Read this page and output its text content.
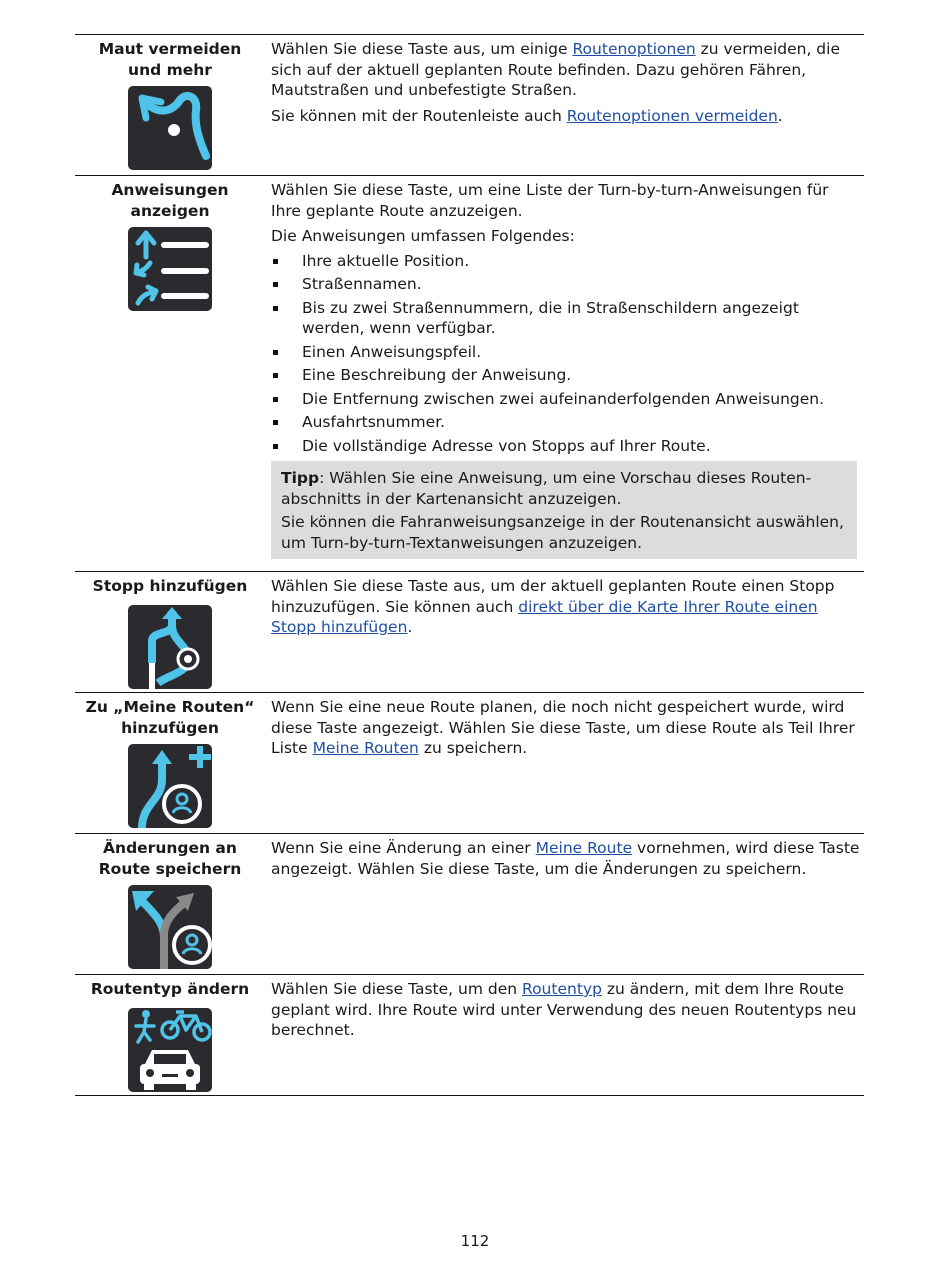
Maut vermeiden und mehr

Wählen Sie diese Taste aus, um einige Routenoptionen zu vermeiden, die sich auf der aktuell geplanten Route befinden. Dazu gehören Fähren, Mautstraßen und unbefestigte Straßen.

Sie können mit der Routenleiste auch Routenoptionen vermeiden.

Anweisungen anzeigen

Wählen Sie diese Taste, um eine Liste der Turn-by-turn-Anweisungen für Ihre geplante Route anzuzeigen.

Die Anweisungen umfassen Folgendes:

Ihre aktuelle Position.
Straßennamen.
Bis zu zwei Straßennummern, die in Straßenschildern angezeigt werden, wenn verfügbar.
Einen Anweisungspfeil.
Eine Beschreibung der Anweisung.
Die Entfernung zwischen zwei aufeinanderfolgenden Anweisungen.
Ausfahrtsnummer.
Die vollständige Adresse von Stopps auf Ihrer Route.

Tipp: Wählen Sie eine Anweisung, um eine Vorschau dieses Routen-abschnitts in der Kartenansicht anzuzeigen.

Sie können die Fahranweisungsanzeige in der Routenansicht auswählen, um Turn-by-turn-Textanweisungen anzuzeigen.

Stopp hinzufügen	Wählen Sie diese Taste aus, um der aktuell geplanten Route einen Stopp hinzuzufügen. Sie können auch direkt über die Karte Ihrer Route einen Stopp hinzufügen.

Zu „Meine Routen“ hinzufügen

Wenn Sie eine neue Route planen, die noch nicht gespeichert wurde, wird diese Taste angezeigt. Wählen Sie diese Taste, um diese Route als Teil Ihrer Liste Meine Routen zu speichern.

Änderungen an Route speichern

Wenn Sie eine Änderung an einer Meine Route vornehmen, wird diese Taste angezeigt. Wählen Sie diese Taste, um die Änderungen zu speichern.

Routentyp ändern	Wählen Sie diese Taste, um den Routentyp zu ändern, mit dem Ihre Route geplant wird. Ihre Route wird unter Verwendung des neuen Routentyps neu berechnet.

112
